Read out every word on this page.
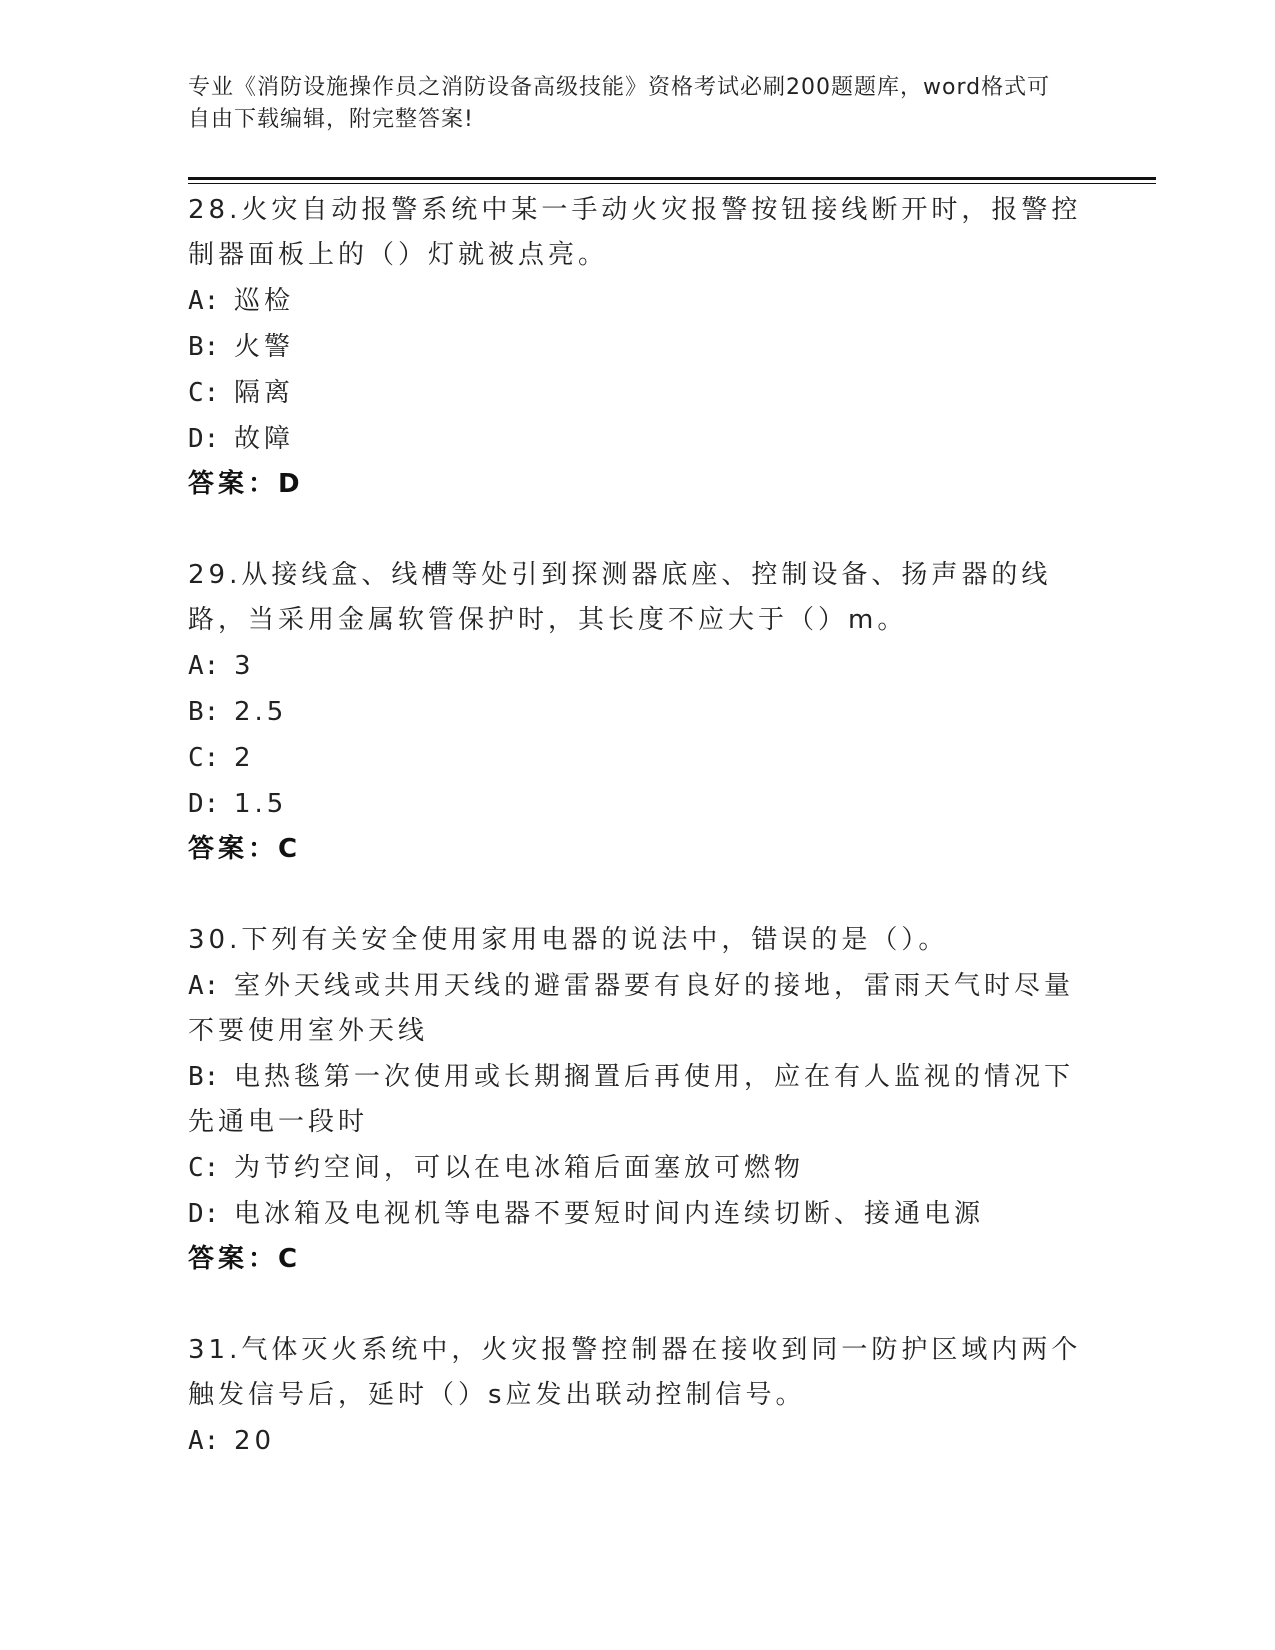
专业《消防设施操作员之消防设备高级技能》资格考试必刷200题题库，word格式可自由下载编辑，附完整答案!
28.火灾自动报警系统中某一手动火灾报警按钮接线断开时，报警控制器面板上的（）灯就被点亮。
A: 巡检
B: 火警
C: 隔离
D: 故障
答案：D
29.从接线盒、线槽等处引到探测器底座、控制设备、扬声器的线路，当采用金属软管保护时，其长度不应大于（）m。
A: 3
B: 2.5
C: 2
D: 1.5
答案：C
30.下列有关安全使用家用电器的说法中，错误的是（）。
A: 室外天线或共用天线的避雷器要有良好的接地，雷雨天气时尽量不要使用室外天线
B: 电热毯第一次使用或长期搁置后再使用，应在有人监视的情况下先通电一段时
C: 为节约空间，可以在电冰箱后面塞放可燃物
D: 电冰箱及电视机等电器不要短时间内连续切断、接通电源
答案：C
31.气体灭火系统中，火灾报警控制器在接收到同一防护区域内两个触发信号后，延时（）s应发出联动控制信号。
A: 20
